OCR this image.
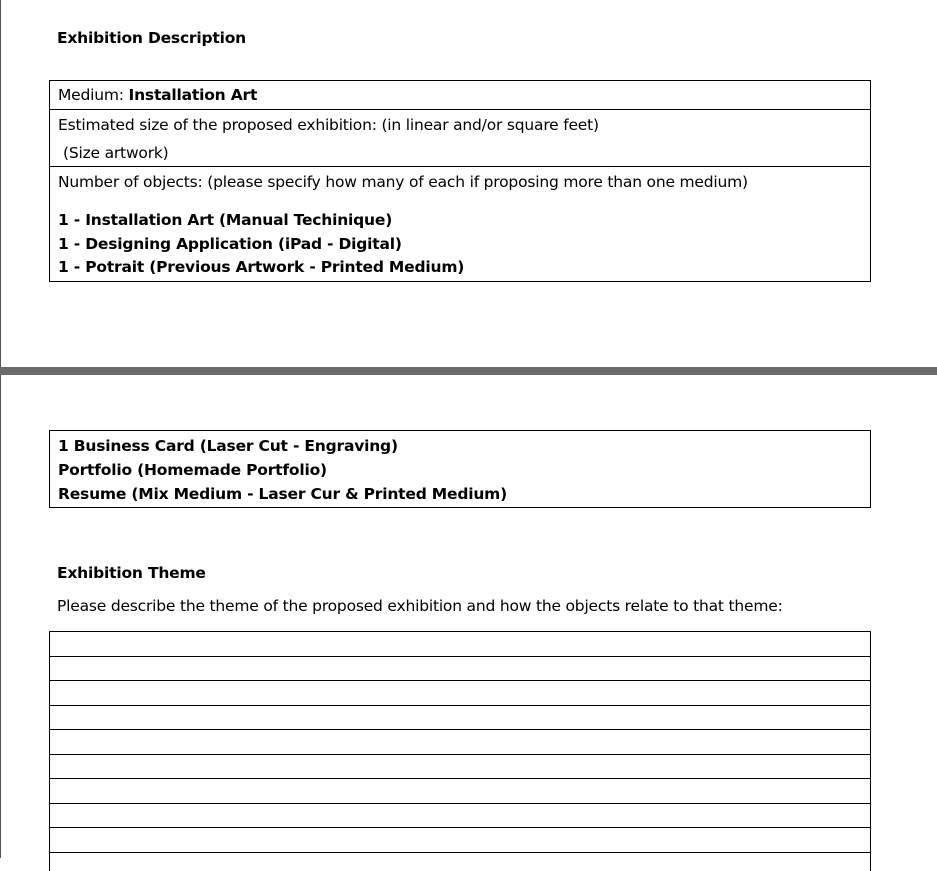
Exhibition Description
Medium: Installation Art
Estimated size of the proposed exhibition: (in linear and/or square feet)
(Size artwork)
Number of objects: (please specify how many of each if proposing more than one medium)
1 - Installation Art (Manual Techinique)
1 - Designing Application (iPad - Digital)
1 - Potrait (Previous Artwork - Printed Medium)
1 Business Card (Laser Cut - Engraving)
Portfolio (Homemade Portfolio)
Resume (Mix Medium - Laser Cur & Printed Medium)
Exhibition Theme
Please describe the theme of the proposed exhibition and how the objects relate to that theme:
